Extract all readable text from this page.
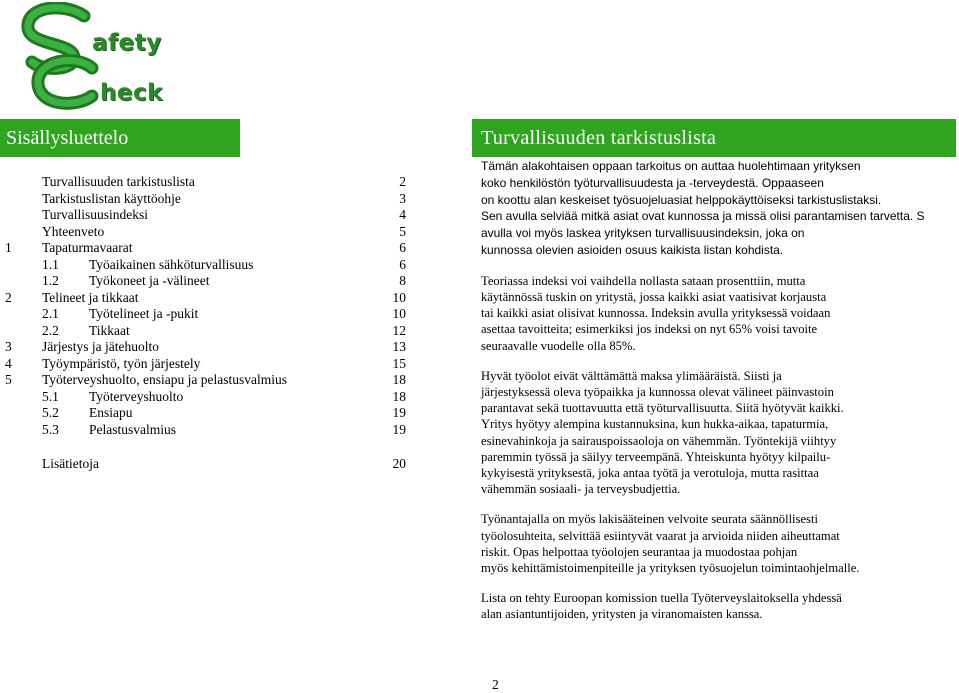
afety
heck
Sisällysluettelo	Turvallisuuden tarkistuslista
Turvallisuuden tarkistuslista	2
Tarkistuslistan käyttöohje	3
Turvallisuusindeksi	4
Yhteenveto	5
1 Tapaturmavaarat	6
1.1 Työaikainen sähköturvallisuus	6
1.2 Työkoneet ja -välineet	8
2 Telineet ja tikkaat	10
2.1 Työtelineet ja -pukit	10
2.2 Tikkaat	12
3 Järjestys ja jätehuolto	13
4 Työympäristö, työn järjestely	15
5 Työterveyshuolto, ensiapu ja pelastusvalmius	18
5.1 Työterveyshuolto	18
5.2 Ensiapu	19
5.3 Pelastusvalmius	19
Lisätietoja	20

Tämän alakohtaisen oppaan tarkoitus on auttaa huolehtimaan yrityksen
koko henkilöstön työturvallisuudesta ja -terveydestä. Oppaaseen
on koottu alan keskeiset työsuojeluasiat helppokäyttöiseksi tarkistuslistaksi.
Sen avulla selviää mitkä asiat ovat kunnossa ja missä olisi parantamisen tarvetta. S
avulla voi myös laskea yrityksen turvallisuusindeksin, joka on
kunnossa olevien asioiden osuus kaikista listan kohdista.

Teoriassa indeksi voi vaihdella nollasta sataan prosenttiin, mutta
käytännössä tuskin on yritystä, jossa kaikki asiat vaatisivat korjausta
tai kaikki asiat olisivat kunnossa. Indeksin avulla yrityksessä voidaan
asettaa tavoitteita; esimerkiksi jos indeksi on nyt 65% voisi tavoite
seuraavalle vuodelle olla 85%.

Hyvät työolot eivät välttämättä maksa ylimääräistä. Siisti ja
järjestyksessä oleva työpaikka ja kunnossa olevat välineet päinvastoin
parantavat sekä tuottavuutta että työturvallisuutta. Siitä hyötyvät kaikki.
Yritys hyötyy alempina kustannuksina, kun hukka-aikaa, tapaturmia,
esinevahinkoja ja sairauspoissaoloja on vähemmän. Työntekijä viihtyy
paremmin työssä ja säilyy terveempänä. Yhteiskunta hyötyy kilpailu-
kykyisestä yrityksestä, joka antaa työtä ja verotuloja, mutta rasittaa
vähemmän sosiaali- ja terveysbudjettia.

Työnantajalla on myös lakisääteinen velvoite seurata säännöllisesti
työolosuhteita, selvittää esiintyvät vaarat ja arvioida niiden aiheuttamat
riskit. Opas helpottaa työolojen seurantaa ja muodostaa pohjan
myös kehittämistoimenpiteille ja yrityksen työsuojelun toimintaohjelmalle.

Lista on tehty Euroopan komission tuella Työterveyslaitoksella yhdessä
alan asiantuntijoiden, yritysten ja viranomaisten kanssa.

2
